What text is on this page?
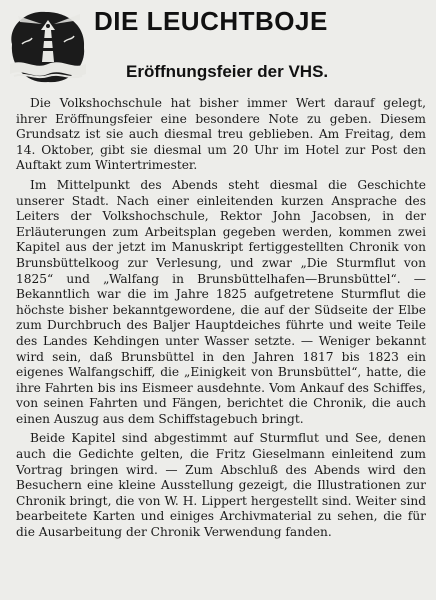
DIE LEUCHTBOJE
Eröffnungsfeier der VHS.

Die Volkshochschule hat bisher immer Wert darauf gelegt, ihrer Eröffnungsfeier eine besondere Note zu geben. Diesem Grundsatz ist sie auch diesmal treu geblieben. Am Freitag, dem 14. Oktober, gibt sie diesmal um 20 Uhr im Hotel zur Post den Auftakt zum Wintertrimester.

Im Mittelpunkt des Abends steht diesmal die Geschichte unserer Stadt. Nach einer einleitenden kurzen Ansprache des Leiters der Volkshochschule, Rektor John Jacobsen, in der Erläuterungen zum Arbeitsplan gegeben werden, kommen zwei Kapitel aus der jetzt im Manuskript fertiggestellten Chronik von Brunsbüttelkoog zur Verlesung, und zwar „Die Sturmflut von 1825“ und „Walfang in Brunsbüttelhafen—Brunsbüttel“. — Bekanntlich war die im Jahre 1825 aufgetretene Sturmflut die höchste bisher bekanntgewordene, die auf der Südseite der Elbe zum Durchbruch des Baljer Hauptdeiches führte und weite Teile des Landes Kehdingen unter Wasser setzte. — Weniger bekannt wird sein, daß Brunsbüttel in den Jahren 1817 bis 1823 ein eigenes Walfangschiff, die „Einigkeit von Brunsbüttel“, hatte, die ihre Fahrten bis ins Eismeer ausdehnte. Vom Ankauf des Schiffes, von seinen Fahrten und Fängen, berichtet die Chronik, die auch einen Auszug aus dem Schiffstagebuch bringt.

Beide Kapitel sind abgestimmt auf Sturmflut und See, denen auch die Gedichte gelten, die Fritz Gieselmann einleitend zum Vortrag bringen wird. — Zum Abschluß des Abends wird den Besuchern eine kleine Ausstellung gezeigt, die Illustrationen zur Chronik bringt, die von W. H. Lippert hergestellt sind. Weiter sind bearbeitete Karten und einiges Archivmaterial zu sehen, die für die Ausarbeitung der Chronik Verwendung fanden.
